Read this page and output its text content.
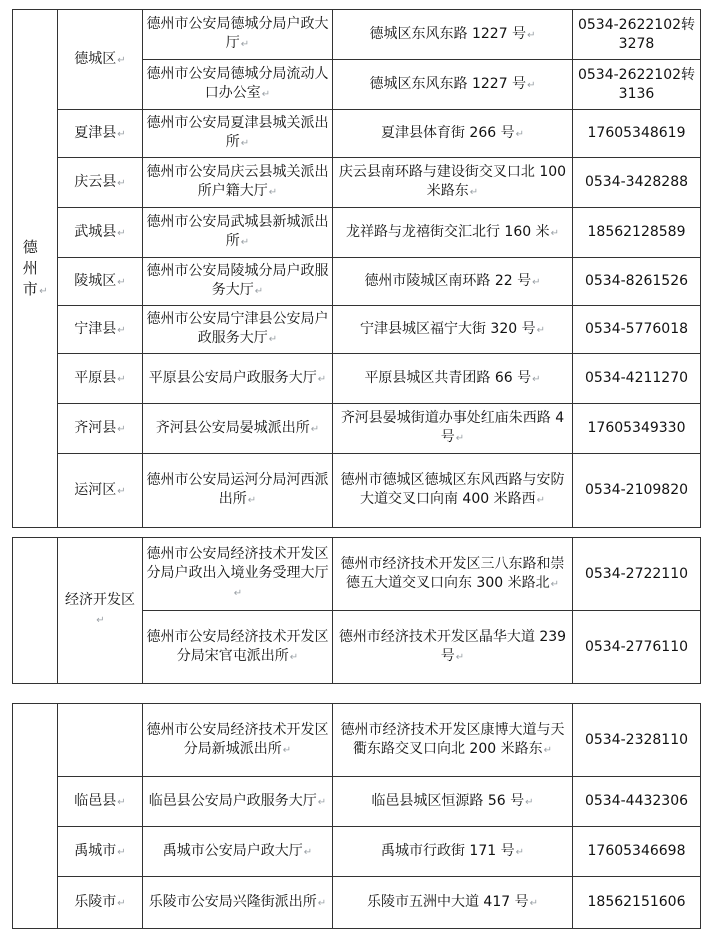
德州市 ↵	德城区↵	德州市公安局德城分局户政大厅↵	德城区东风东路 1227 号↵	0534-2622102转 3278
		德州市公安局德城分局流动人口办公室↵	德城区东风东路 1227 号↵	0534-2622102转 3136
	夏津县↵	德州市公安局夏津县城关派出所↵	夏津县体育街 266 号↵	17605348619
	庆云县↵	德州市公安局庆云县城关派出所户籍大厅↵	庆云县南环路与建设街交叉口北 100 米路东↵	0534-3428288
	武城县↵	德州市公安局武城县新城派出所↵	龙祥路与龙禧街交汇北行 160 米↵	18562128589
	陵城区↵	德州市公安局陵城分局户政服务大厅↵	德州市陵城区南环路 22 号↵	0534-8261526
	宁津县↵	德州市公安局宁津县公安局户政服务大厅↵	宁津县城区福宁大街 320 号↵	0534-5776018
	平原县↵	平原县公安局户政服务大厅↵	平原县城区共青团路 66 号↵	0534-4211270
	齐河县↵	齐河县公安局晏城派出所↵	齐河县晏城街道办事处红庙朱西路 4 号↵	17605349330
	运河区↵	德州市公安局运河分局河西派出所↵	德州市德城区德城区东风西路与安防大道交叉口向南 400 米路西↵	0534-2109820
	经济开发区↵	德州市公安局经济技术开发区分局户政出入境业务受理大厅↵	德州市经济技术开发区三八东路和崇德五大道交叉口向东 300 米路北↵	0534-2722110
		德州市公安局经济技术开发区分局宋官屯派出所↵	德州市经济技术开发区晶华大道 239 号↵	0534-2776110
		德州市公安局经济技术开发区分局新城派出所↵	德州市经济技术开发区康博大道与天衢东路交叉口向北 200 米路东↵	0534-2328110
	临邑县↵	临邑县公安局户政服务大厅↵	临邑县城区恒源路 56 号↵	0534-4432306
	禹城市↵	禹城市公安局户政大厅↵	禹城市行政街 171 号↵	17605346698
	乐陵市↵	乐陵市公安局兴隆街派出所↵	乐陵市五洲中大道 417 号↵	18562151606
